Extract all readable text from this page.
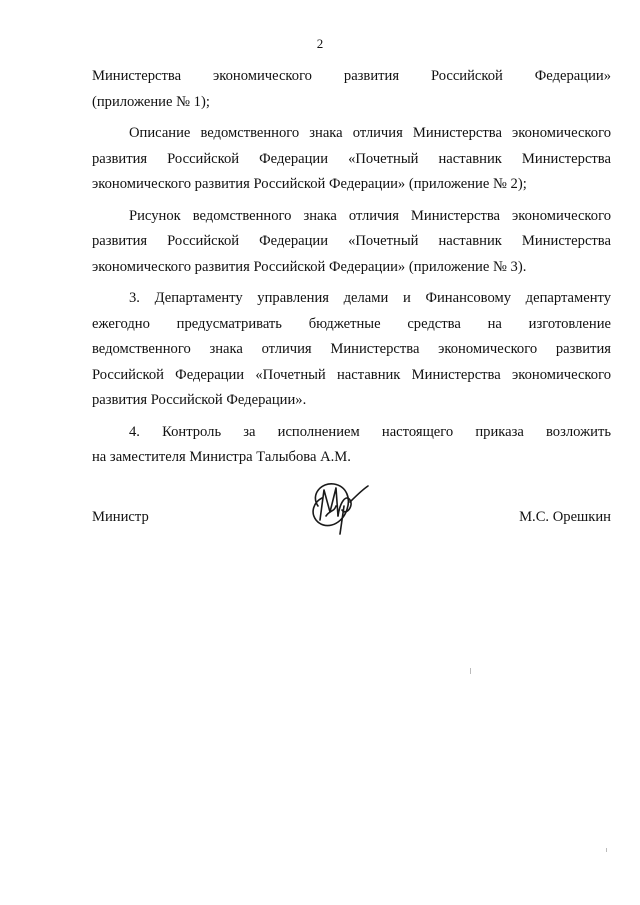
2

Министерства экономического развития Российской Федерации»
(приложение № 1);

Описание ведомственного знака отличия Министерства экономического
развития Российской Федерации «Почетный наставник Министерства
экономического развития Российской Федерации» (приложение № 2);

Рисунок ведомственного знака отличия Министерства экономического
развития Российской Федерации «Почетный наставник Министерства
экономического развития Российской Федерации» (приложение № 3).

3. Департаменту управления делами и Финансовому департаменту
ежегодно предусматривать бюджетные средства на изготовление
ведомственного знака отличия Министерства экономического развития
Российской Федерации «Почетный наставник Министерства экономического
развития Российской Федерации».

4. Контроль за исполнением настоящего приказа возложить
на заместителя Министра Талыбова А.М.

Министр	М.С. Орешкин
